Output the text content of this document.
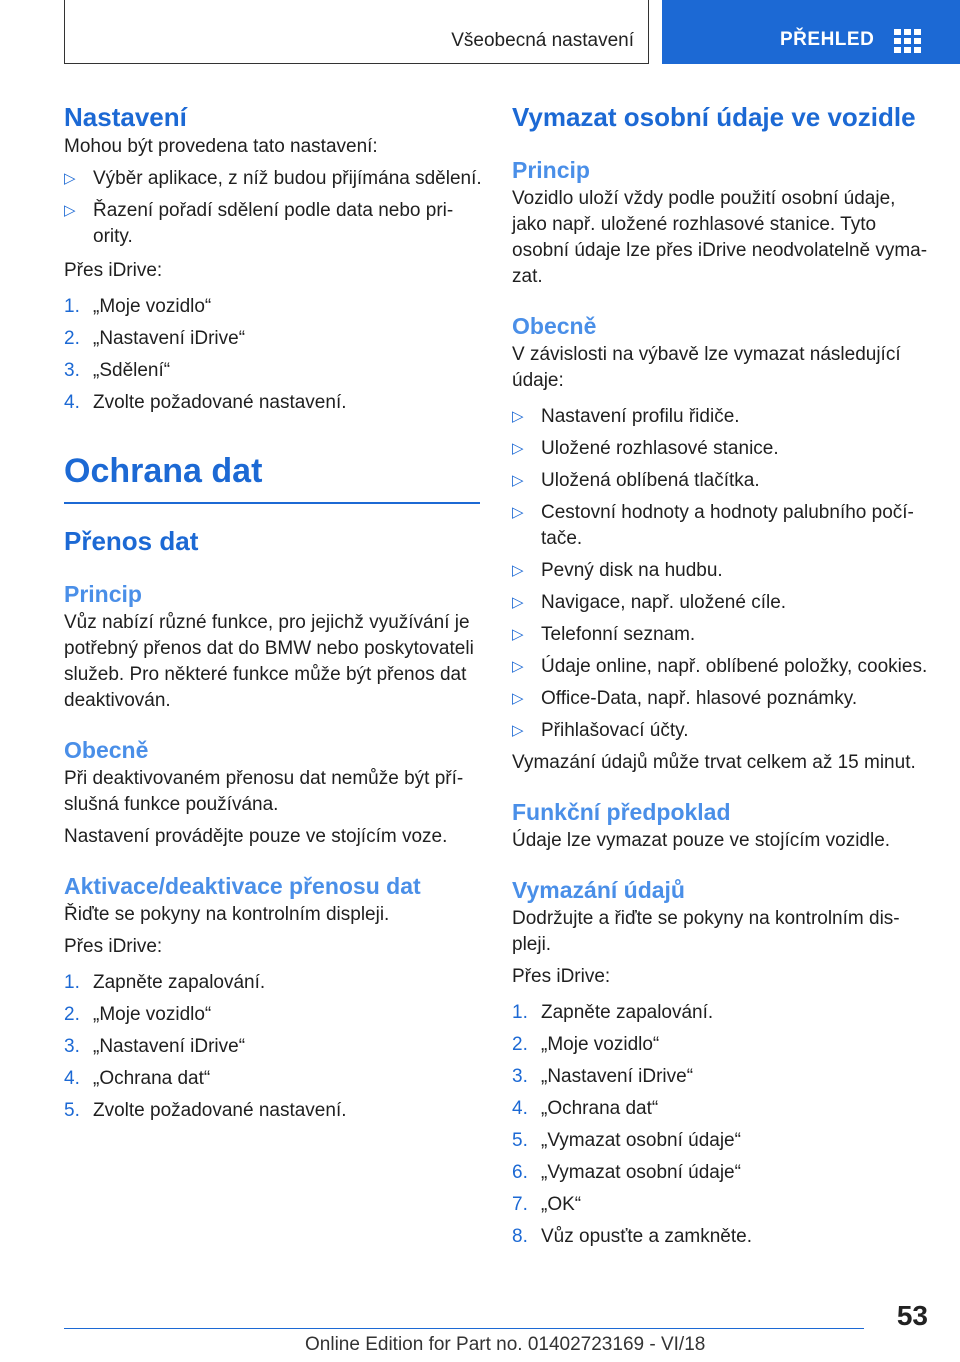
Všeobecná nastavení	PŘEHLED
Nastavení

Mohou být provedena tato nastavení:

▷ Výběr aplikace, z níž budou přijímána sdělení.
▷ Řazení pořadí sdělení podle data nebo pri-ority.

Přes iDrive:

1. „Moje vozidlo“
2. „Nastavení iDrive“
3. „Sdělení“
4. Zvolte požadované nastavení.
Ochrana dat
Přenos dat
Princip

Vůz nabízí různé funkce, pro jejichž využívání je potřebný přenos dat do BMW nebo poskytovateli služeb. Pro některé funkce může být přenos dat deaktivován.

Obecně

Při deaktivovaném přenosu dat nemůže být pří-slušná funkce používána.

Nastavení provádějte pouze ve stojícím voze.

Aktivace/deaktivace přenosu dat

Řiďte se pokyny na kontrolním displeji.

Přes iDrive:

1. Zapněte zapalování.
2. „Moje vozidlo“
3. „Nastavení iDrive“
4. „Ochrana dat“
5. Zvolte požadované nastavení.
Vymazat osobní údaje ve vozidle
Princip

Vozidlo uloží vždy podle použití osobní údaje, jako např. uložené rozhlasové stanice. Tyto osobní údaje lze přes iDrive neodvolatelně vyma-zat.

Obecně

V závislosti na výbavě lze vymazat následující údaje:

▷ Nastavení profilu řidiče.
▷ Uložené rozhlasové stanice.
▷ Uložená oblíbená tlačítka.
▷ Cestovní hodnoty a hodnoty palubního počí-tače.
▷ Pevný disk na hudbu.
▷ Navigace, např. uložené cíle.
▷ Telefonní seznam.
▷ Údaje online, např. oblíbené položky, cookies.
▷ Office-Data, např. hlasové poznámky.
▷ Přihlašovací účty.

Vymazání údajů může trvat celkem až 15 minut.

Funkční předpoklad

Údaje lze vymazat pouze ve stojícím vozidle.

Vymazání údajů

Dodržujte a řiďte se pokyny na kontrolním dis-pleji.

Přes iDrive:

1. Zapněte zapalování.
2. „Moje vozidlo“
3. „Nastavení iDrive“
4. „Ochrana dat“
5. „Vymazat osobní údaje“
6. „Vymazat osobní údaje“
7. „OK“
8. Vůz opusťte a zamkněte.
53
Online Edition for Part no. 01402723169 - VI/18
